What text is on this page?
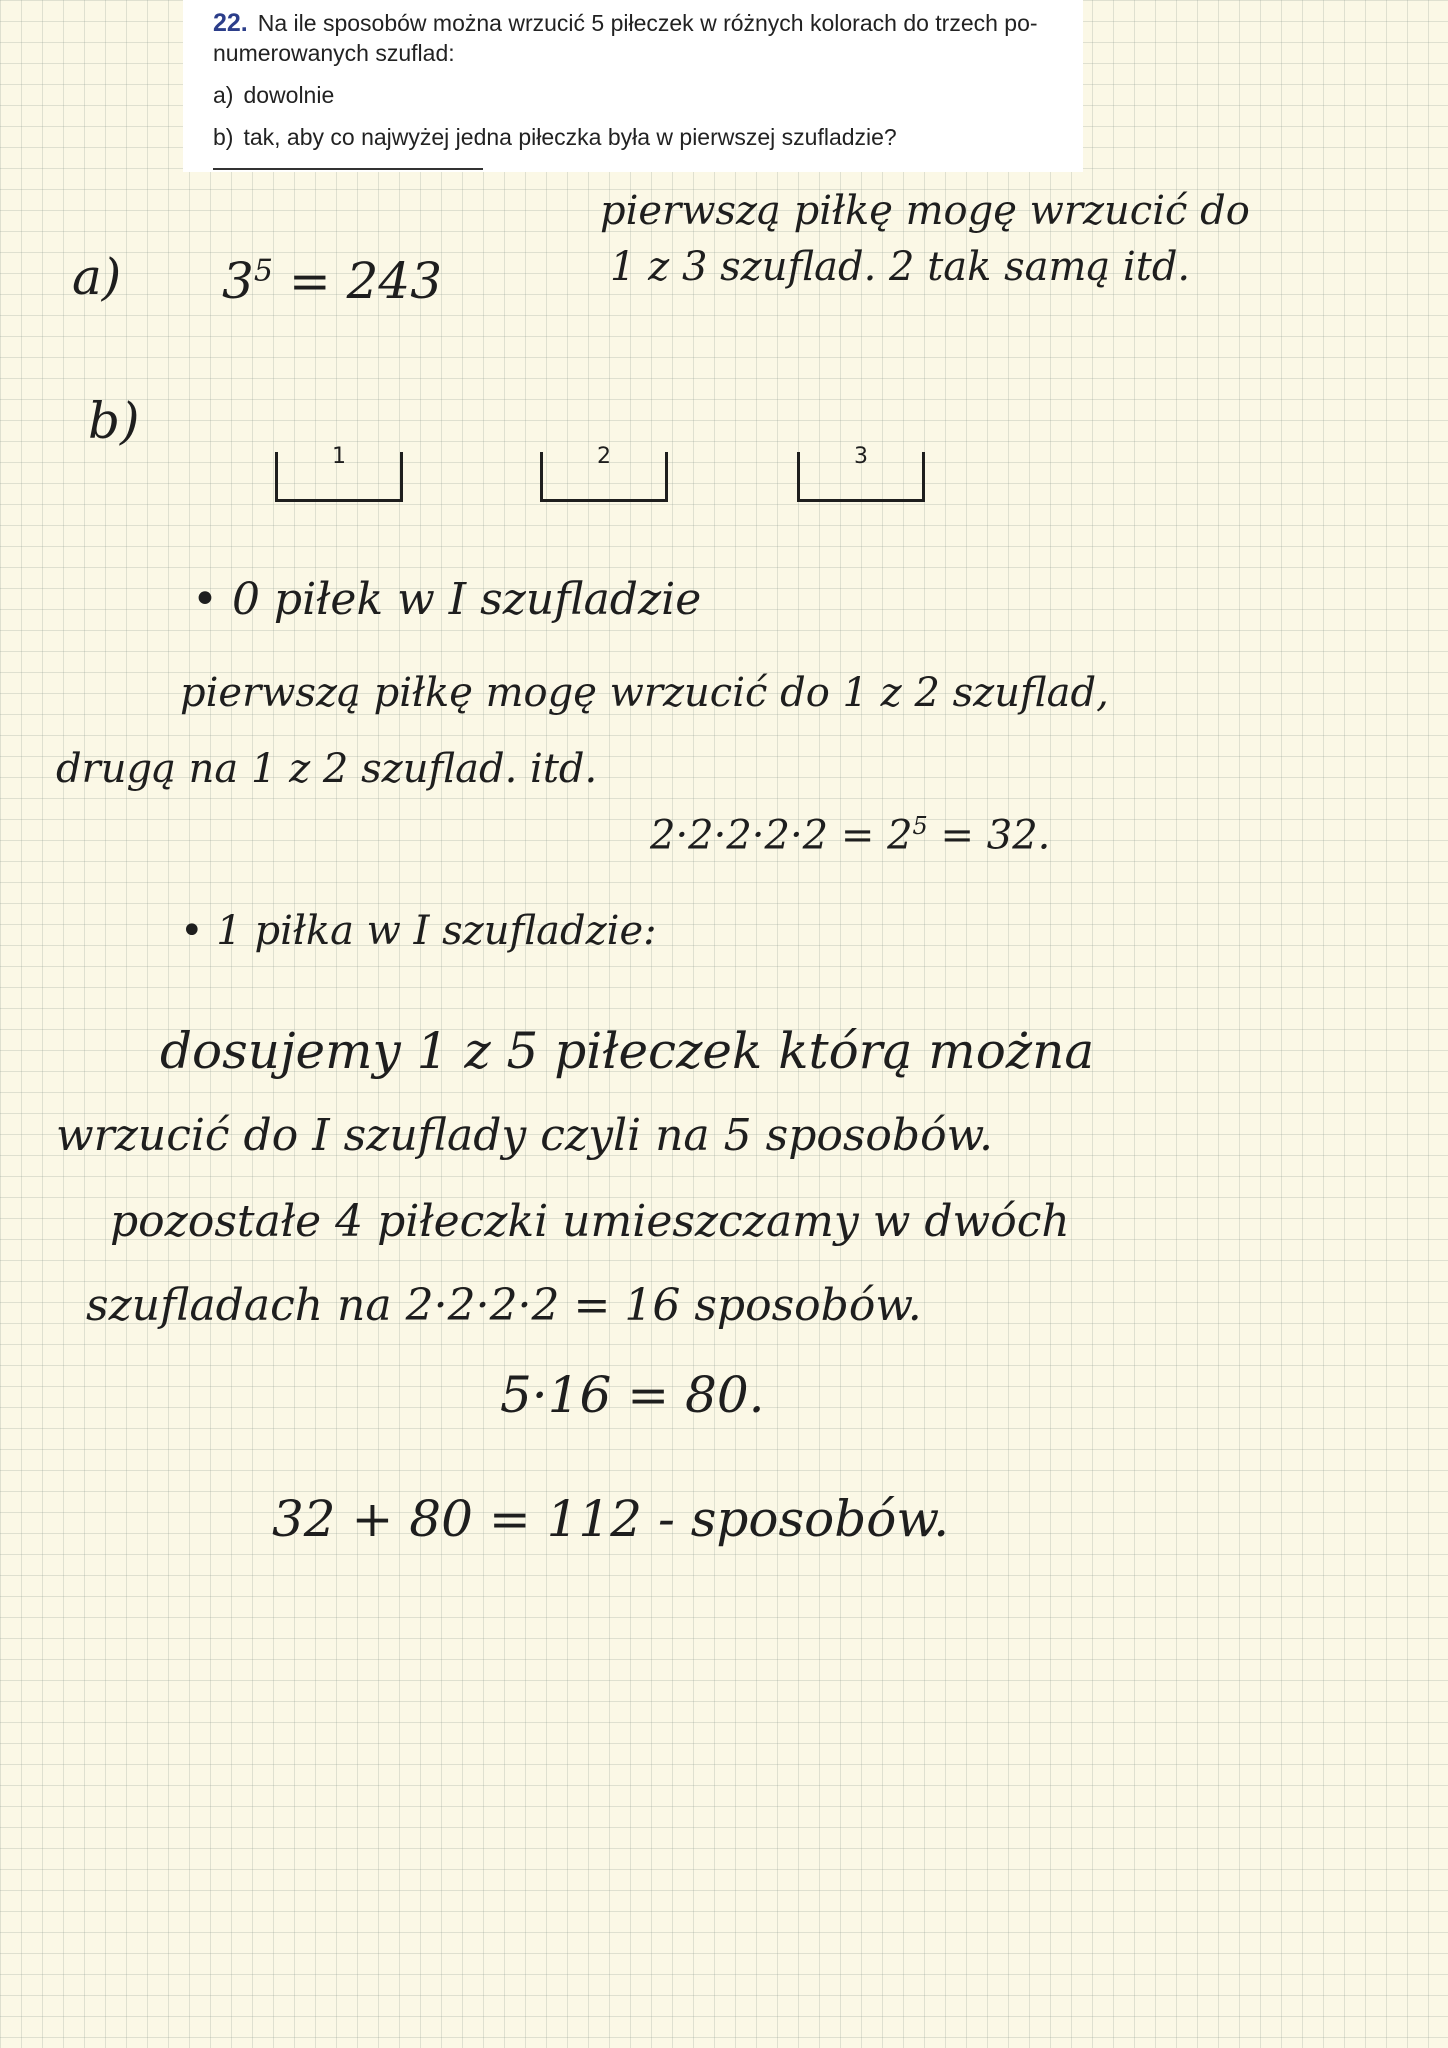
22. Na ile sposobów można wrzucić 5 piłeczek w różnych kolorach do trzech po-
numerowanych szuflad:
a) dowolnie
b) tak, aby co najwyżej jedna piłeczka była w pierwszej szufladzie?
a) $3^5 = 243$
pierwszą piłkę mogę wrzucić do
1 z 3 szuflad. 2 tak samą itd.
b)
1	2	3
• 0 piłek w I szufladzie
pierwszą piłkę mogę wrzucić do 1 z 2 szuflad,
drugą na 1 z 2 szuflad. itd.
$2\cdot 2\cdot 2\cdot 2\cdot 2 = 2^5 = 32$.
• 1 piłka w I szufladzie:
dosujemy 1 z 5 piłeczek którą można
wrzucić do I szuflady czyli na 5 sposobów.
pozostałe 4 piłeczki umieszczamy w dwóch
szufladach na 2·2·2·2 = 16 sposobów.
5·16 = 80.
32 + 80 = 112 - sposobów.
